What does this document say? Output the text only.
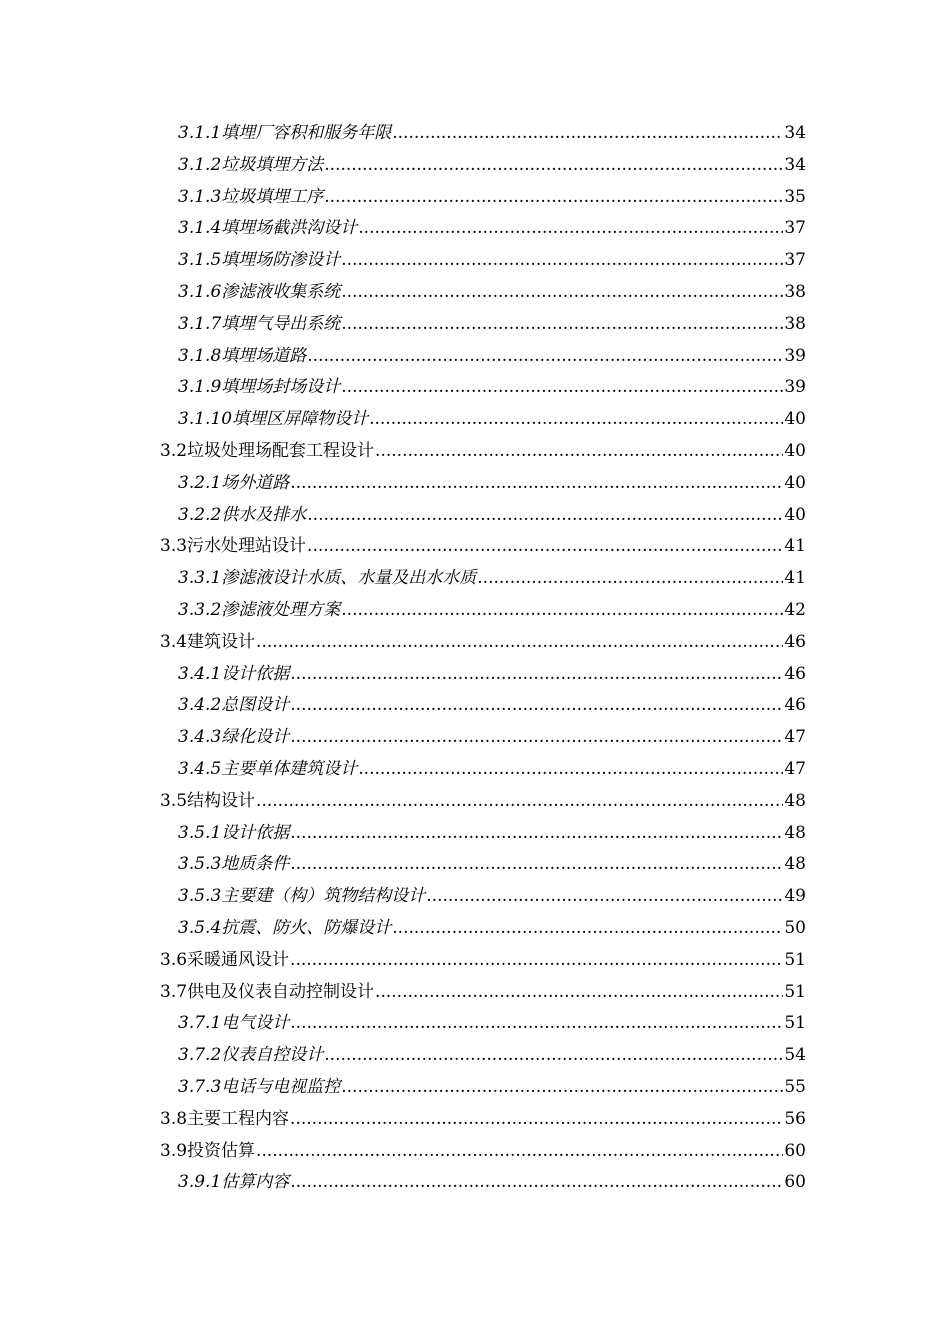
3.1.1 填埋厂容积和服务年限 .....	34
3.1.2 垃圾填埋方法 .....	34
3.1.3 垃圾填埋工序 .....	35
3.1.4 填埋场截洪沟设计 .....	37
3.1.5 填埋场防渗设计 .....	37
3.1.6 渗滤液收集系统 .....	38
3.1.7 填埋气导出系统 .....	38
3.1.8 填埋场道路 .....	39
3.1.9 填埋场封场设计 .....	39
3.1.10 填埋区屏障物设计 .....	40
3.2 垃圾处理场配套工程设计 .....	40
3.2.1 场外道路 .....	40
3.2.2 供水及排水 .....	40
3.3 污水处理站设计 .....	41
3.3.1 渗滤液设计水质、水量及出水水质 .....	41
3.3.2 渗滤液处理方案 .....	42
3.4 建筑设计 .....	46
3.4.1 设计依据 .....	46
3.4.2 总图设计 .....	46
3.4.3 绿化设计 .....	47
3.4.5 主要单体建筑设计 .....	47
3.5 结构设计 .....	48
3.5.1 设计依据 .....	48
3.5.3 地质条件 .....	48
3.5.3 主要建（构）筑物结构设计 .....	49
3.5.4 抗震、防火、防爆设计 .....	50
3.6 采暖通风设计 .....	51
3.7 供电及仪表自动控制设计 .....	51
3.7.1 电气设计 .....	51
3.7.2 仪表自控设计 .....	54
3.7.3 电话与电视监控 .....	55
3.8 主要工程内容 .....	56
3.9 投资估算 .....	60
3.9.1 估算内容 .....	60
